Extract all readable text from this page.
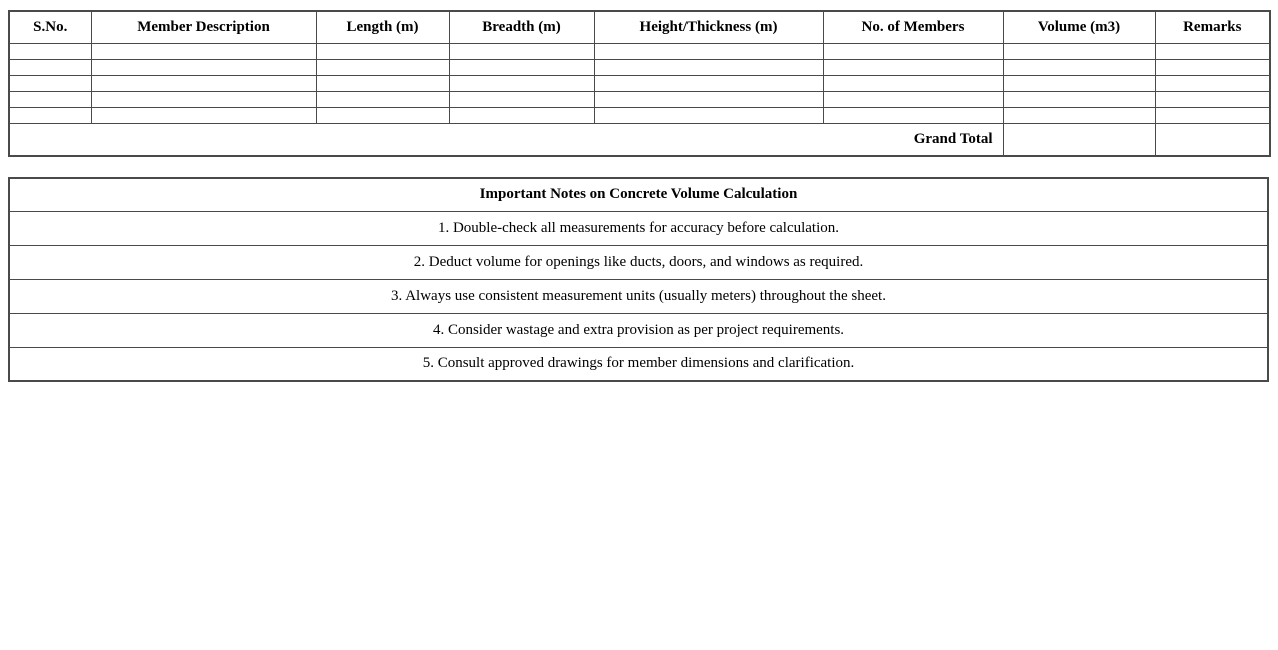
S.No.	Member Description	Length (m)	Breadth (m)	Height/Thickness (m)	No. of Members	Volume (m3)	Remarks

Grand Total							
Important Notes on Concrete Volume Calculation
1. Double-check all measurements for accuracy before calculation.
2. Deduct volume for openings like ducts, doors, and windows as required.
3. Always use consistent measurement units (usually meters) throughout the sheet.
4. Consider wastage and extra provision as per project requirements.
5. Consult approved drawings for member dimensions and clarification.
